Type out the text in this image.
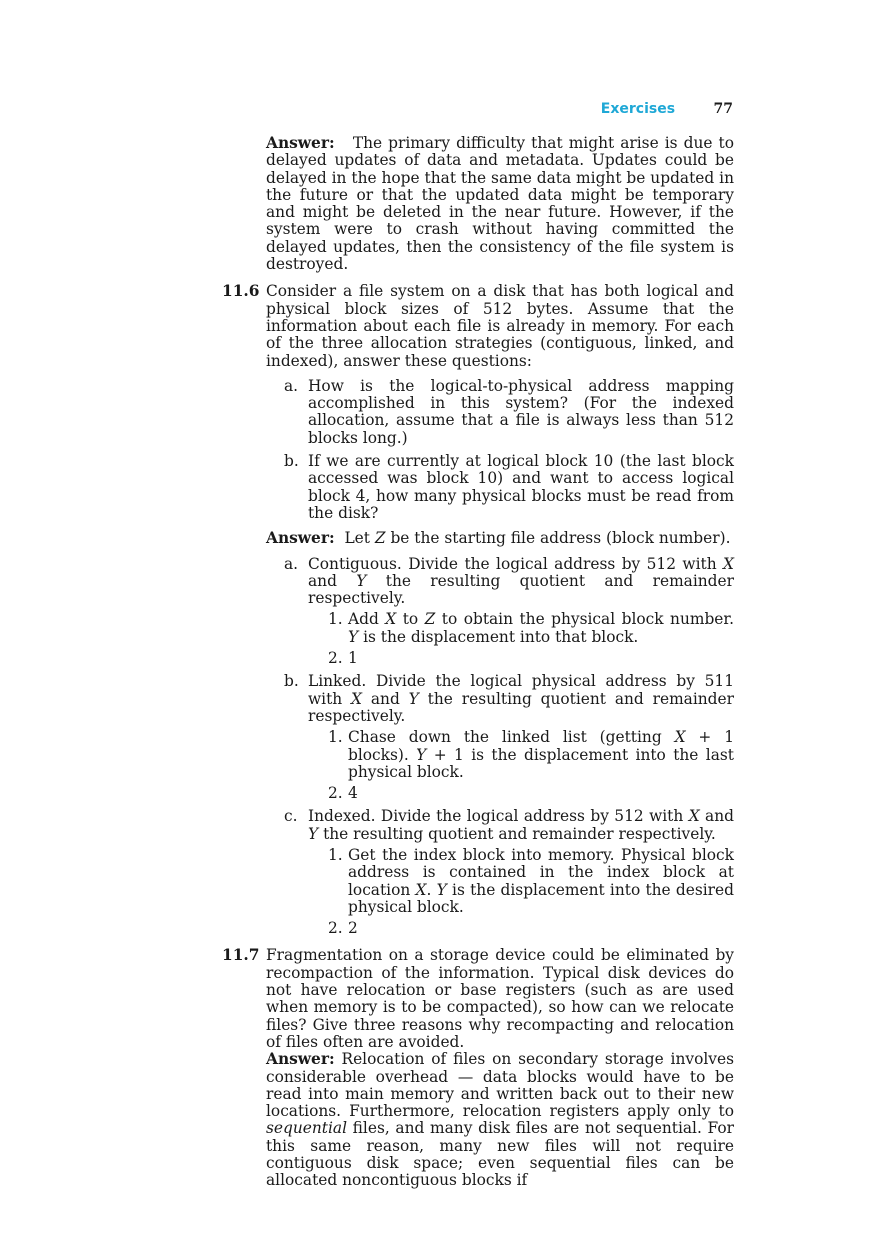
Exercises	77

Answer: The primary difficulty that might arise is due to delayed updates of data and metadata. Updates could be delayed in the hope that the same data might be updated in the future or that the updated data might be temporary and might be deleted in the near future. However, if the system were to crash without having committed the delayed updates, then the consistency of the file system is destroyed.

11.6 Consider a file system on a disk that has both logical and physical block sizes of 512 bytes. Assume that the information about each file is already in memory. For each of the three allocation strategies (contiguous, linked, and indexed), answer these questions:

a. How is the logical-to-physical address mapping accomplished in this system? (For the indexed allocation, assume that a file is always less than 512 blocks long.)

b. If we are currently at logical block 10 (the last block accessed was block 10) and want to access logical block 4, how many physical blocks must be read from the disk?

Answer: Let Z be the starting file address (block number).

a. Contiguous. Divide the logical address by 512 with X and Y the resulting quotient and remainder respectively.

1. Add X to Z to obtain the physical block number. Y is the displacement into that block.

2. 1

b. Linked. Divide the logical physical address by 511 with X and Y the resulting quotient and remainder respectively.

1. Chase down the linked list (getting X + 1 blocks). Y + 1 is the displacement into the last physical block.

2. 4

c. Indexed. Divide the logical address by 512 with X and Y the resulting quotient and remainder respectively.

1. Get the index block into memory. Physical block address is contained in the index block at location X. Y is the displacement into the desired physical block.

2. 2

11.7 Fragmentation on a storage device could be eliminated by recompaction of the information. Typical disk devices do not have relocation or base registers (such as are used when memory is to be compacted), so how can we relocate files? Give three reasons why recompacting and relocation of files often are avoided.

Answer: Relocation of files on secondary storage involves considerable overhead — data blocks would have to be read into main memory and written back out to their new locations. Furthermore, relocation registers apply only to sequential files, and many disk files are not sequential. For this same reason, many new files will not require contiguous disk space; even sequential files can be allocated noncontiguous blocks if
